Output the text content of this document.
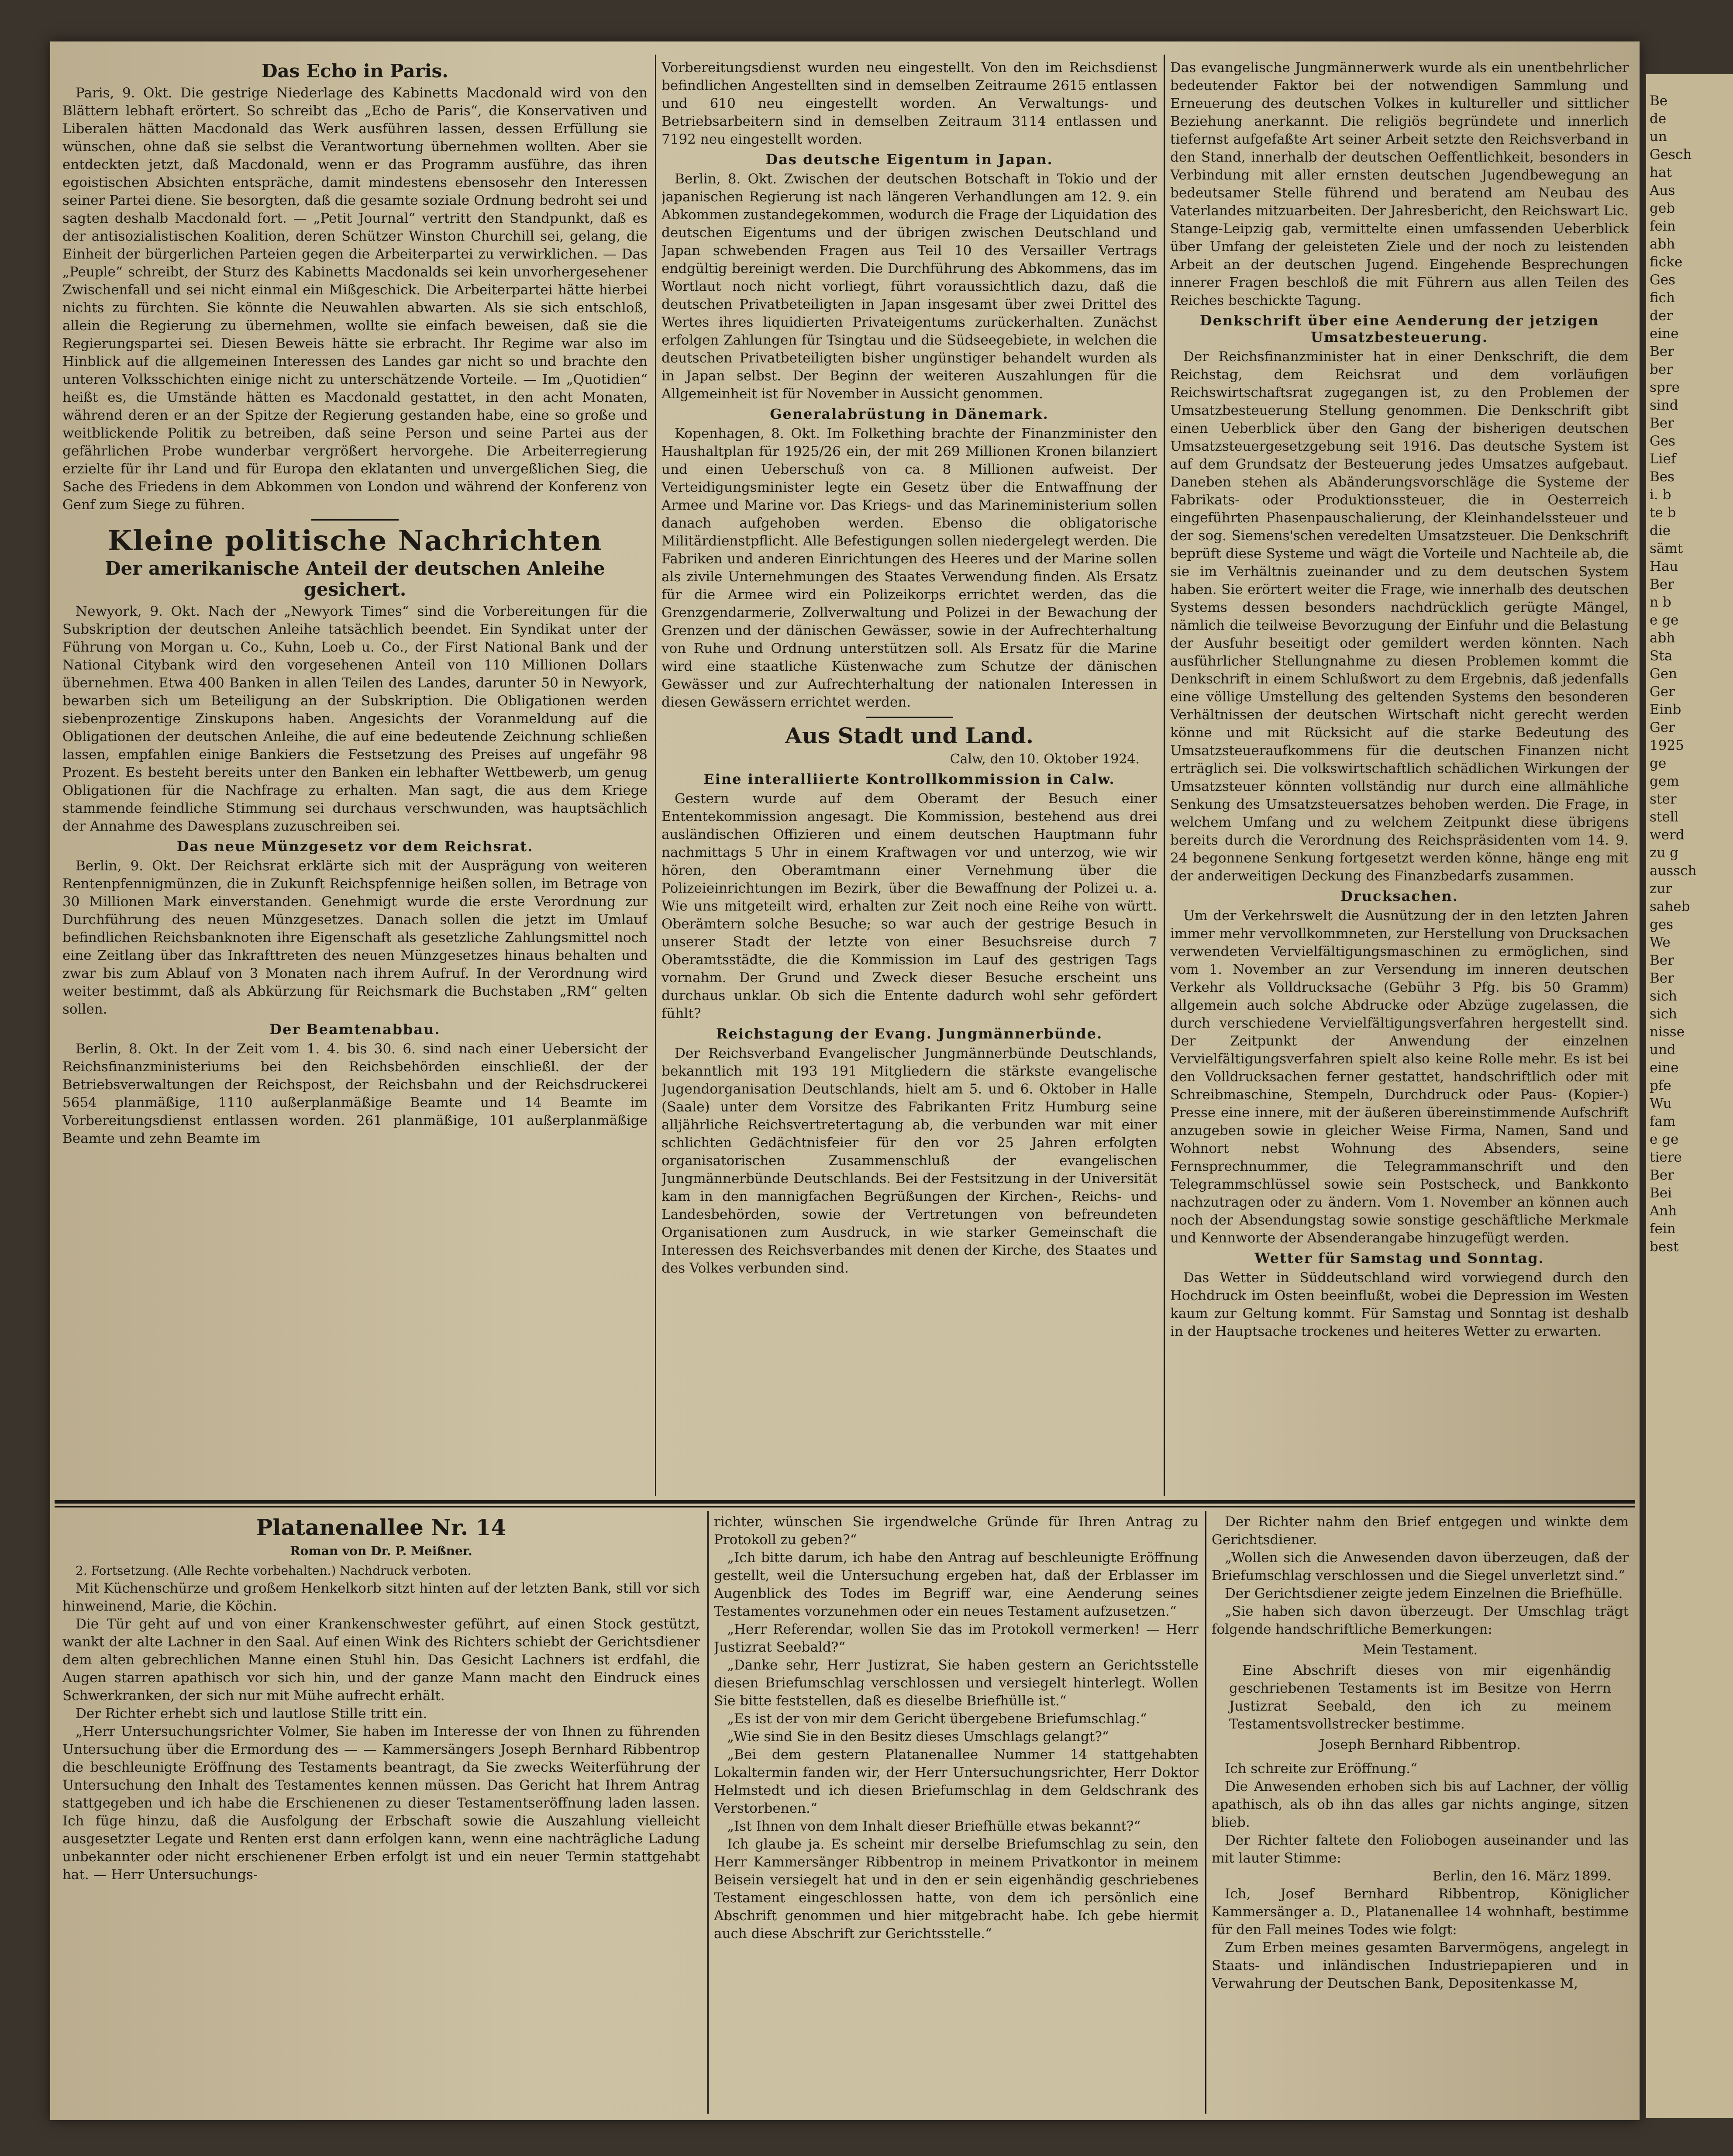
Das Echo in Paris.

Paris, 9. Okt. Die gestrige Niederlage des Kabinetts Macdonald wird von den Blättern lebhaft erörtert. So schreibt das „Echo de Paris“, die Konservativen und Liberalen hätten Macdonald das Werk ausführen lassen, dessen Erfüllung sie wünschen, ohne daß sie selbst die Verantwortung übernehmen wollten. Aber sie entdeckten jetzt, daß Macdonald, wenn er das Programm ausführe, das ihren egoistischen Absichten entspräche, damit mindestens ebensosehr den Interessen seiner Partei diene. Sie besorgten, daß die gesamte soziale Ordnung bedroht sei und sagten deshalb Macdonald fort. — „Petit Journal“ vertritt den Standpunkt, daß es der antisozialistischen Koalition, deren Schützer Winston Churchill sei, gelang, die Einheit der bürgerlichen Parteien gegen die Arbeiterpartei zu verwirklichen. — Das „Peuple“ schreibt, der Sturz des Kabinetts Macdonalds sei kein unvorhergesehener Zwischenfall und sei nicht einmal ein Mißgeschick. Die Arbeiterpartei hätte hierbei nichts zu fürchten. Sie könnte die Neuwahlen abwarten. Als sie sich entschloß, allein die Regierung zu übernehmen, wollte sie einfach beweisen, daß sie die Regierungspartei sei. Diesen Beweis hätte sie erbracht. Ihr Regime war also im Hinblick auf die allgemeinen Interessen des Landes gar nicht so und brachte den unteren Volksschichten einige nicht zu unterschätzende Vorteile. — Im „Quotidien“ heißt es, die Umstände hätten es Macdonald gestattet, in den acht Monaten, während deren er an der Spitze der Regierung gestanden habe, eine so große und weitblickende Politik zu betreiben, daß seine Person und seine Partei aus der gefährlichen Probe wunderbar vergrößert hervorgehe. Die Arbeiterregierung erzielte für ihr Land und für Europa den eklatanten und unvergeßlichen Sieg, die Sache des Friedens in dem Abkommen von London und während der Konferenz von Genf zum Siege zu führen.

Kleine politische Nachrichten
Der amerikanische Anteil der deutschen Anleihe gesichert.

Newyork, 9. Okt. Nach der „Newyork Times“ sind die Vorbereitungen für die Subskription der deutschen Anleihe tatsächlich beendet. Ein Syndikat unter der Führung von Morgan u. Co., Kuhn, Loeb u. Co., der First National Bank und der National Citybank wird den vorgesehenen Anteil von 110 Millionen Dollars übernehmen. Etwa 400 Banken in allen Teilen des Landes, darunter 50 in Newyork, bewarben sich um Beteiligung an der Subskription. Die Obligationen werden siebenprozentige Zinskupons haben. Angesichts der Voranmeldung auf die Obligationen der deutschen Anleihe, die auf eine bedeutende Zeichnung schließen lassen, empfahlen einige Bankiers die Festsetzung des Preises auf ungefähr 98 Prozent. Es besteht bereits unter den Banken ein lebhafter Wettbewerb, um genug Obligationen für die Nachfrage zu erhalten. Man sagt, die aus dem Kriege stammende feindliche Stimmung sei durchaus verschwunden, was hauptsächlich der Annahme des Dawesplans zuzuschreiben sei.

Das neue Münzgesetz vor dem Reichsrat.

Berlin, 9. Okt. Der Reichsrat erklärte sich mit der Ausprägung von weiteren Rentenpfennigmünzen, die in Zukunft Reichspfennige heißen sollen, im Betrage von 30 Millionen Mark einverstanden. Genehmigt wurde die erste Verordnung zur Durchführung des neuen Münzgesetzes. Danach sollen die jetzt im Umlauf befindlichen Reichsbanknoten ihre Eigenschaft als gesetzliche Zahlungsmittel noch eine Zeitlang über das Inkrafttreten des neuen Münzgesetzes hinaus behalten und zwar bis zum Ablauf von 3 Monaten nach ihrem Aufruf. In der Verordnung wird weiter bestimmt, daß als Abkürzung für Reichsmark die Buchstaben „RM“ gelten sollen.

Der Beamtenabbau.

Berlin, 8. Okt. In der Zeit vom 1. 4. bis 30. 6. sind nach einer Uebersicht der Reichsfinanzministeriums bei den Reichsbehörden einschließl. der der Betriebsverwaltungen der Reichspost, der Reichsbahn und der Reichsdruckerei 5654 planmäßige, 1110 außerplanmäßige Beamte und 14 Beamte im Vorbereitungsdienst entlassen worden. 261 planmäßige, 101 außerplanmäßige Beamte und zehn Beamte im

Vorbereitungsdienst wurden neu eingestellt. Von den im Reichsdienst befindlichen Angestellten sind in demselben Zeitraume 2615 entlassen und 610 neu eingestellt worden. An Verwaltungs- und Betriebsarbeitern sind in demselben Zeitraum 3114 entlassen und 7192 neu eingestellt worden.

Das deutsche Eigentum in Japan.

Berlin, 8. Okt. Zwischen der deutschen Botschaft in Tokio und der japanischen Regierung ist nach längeren Verhandlungen am 12. 9. ein Abkommen zustandegekommen, wodurch die Frage der Liquidation des deutschen Eigentums und der übrigen zwischen Deutschland und Japan schwebenden Fragen aus Teil 10 des Versailler Vertrags endgültig bereinigt werden. Die Durchführung des Abkommens, das im Wortlaut noch nicht vorliegt, führt voraussichtlich dazu, daß die deutschen Privatbeteiligten in Japan insgesamt über zwei Drittel des Wertes ihres liquidierten Privateigentums zurückerhalten. Zunächst erfolgen Zahlungen für Tsingtau und die Südseegebiete, in welchen die deutschen Privatbeteiligten bisher ungünstiger behandelt wurden als in Japan selbst. Der Beginn der weiteren Auszahlungen für die Allgemeinheit ist für November in Aussicht genommen.

Generalabrüstung in Dänemark.

Kopenhagen, 8. Okt. Im Folkething brachte der Finanzminister den Haushaltplan für 1925/26 ein, der mit 269 Millionen Kronen bilanziert und einen Ueberschuß von ca. 8 Millionen aufweist. Der Verteidigungsminister legte ein Gesetz über die Entwaffnung der Armee und Marine vor. Das Kriegs- und das Marineministerium sollen danach aufgehoben werden. Ebenso die obligatorische Militärdienstpflicht. Alle Befestigungen sollen niedergelegt werden. Die Fabriken und anderen Einrichtungen des Heeres und der Marine sollen als zivile Unternehmungen des Staates Verwendung finden. Als Ersatz für die Armee wird ein Polizeikorps errichtet werden, das die Grenzgendarmerie, Zollverwaltung und Polizei in der Bewachung der Grenzen und der dänischen Gewässer, sowie in der Aufrechterhaltung von Ruhe und Ordnung unterstützen soll. Als Ersatz für die Marine wird eine staatliche Küstenwache zum Schutze der dänischen Gewässer und zur Aufrechterhaltung der nationalen Interessen in diesen Gewässern errichtet werden.

Aus Stadt und Land.
Calw, den 10. Oktober 1924.
Eine interalliierte Kontrollkommission in Calw.

Gestern wurde auf dem Oberamt der Besuch einer Ententekommission angesagt. Die Kommission, bestehend aus drei ausländischen Offizieren und einem deutschen Hauptmann fuhr nachmittags 5 Uhr in einem Kraftwagen vor und unterzog, wie wir hören, den Oberamtmann einer Vernehmung über die Polizeieinrichtungen im Bezirk, über die Bewaffnung der Polizei u. a. Wie uns mitgeteilt wird, erhalten zur Zeit noch eine Reihe von württ. Oberämtern solche Besuche; so war auch der gestrige Besuch in unserer Stadt der letzte von einer Besuchsreise durch 7 Oberamtsstädte, die die Kommission im Lauf des gestrigen Tags vornahm. Der Grund und Zweck dieser Besuche erscheint uns durchaus unklar. Ob sich die Entente dadurch wohl sehr gefördert fühlt?

Reichstagung der Evang. Jungmännerbünde.

Der Reichsverband Evangelischer Jungmännerbünde Deutschlands, bekanntlich mit 193 191 Mitgliedern die stärkste evangelische Jugendorganisation Deutschlands, hielt am 5. und 6. Oktober in Halle (Saale) unter dem Vorsitze des Fabrikanten Fritz Humburg seine alljährliche Reichsvertretertagung ab, die verbunden war mit einer schlichten Gedächtnisfeier für den vor 25 Jahren erfolgten organisatorischen Zusammenschluß der evangelischen Jungmännerbünde Deutschlands. Bei der Festsitzung in der Universität kam in den mannigfachen Begrüßungen der Kirchen-, Reichs- und Landesbehörden, sowie der Vertretungen von befreundeten Organisationen zum Ausdruck, in wie starker Gemeinschaft die Interessen des Reichsverbandes mit denen der Kirche, des Staates und des Volkes verbunden sind.

Das evangelische Jungmännerwerk wurde als ein unentbehrlicher bedeutender Faktor bei der notwendigen Sammlung und Erneuerung des deutschen Volkes in kultureller und sittlicher Beziehung anerkannt. Die religiös begründete und innerlich tiefernst aufgefaßte Art seiner Arbeit setzte den Reichsverband in den Stand, innerhalb der deutschen Oeffentlichkeit, besonders in Verbindung mit aller ernsten deutschen Jugendbewegung an bedeutsamer Stelle führend und beratend am Neubau des Vaterlandes mitzuarbeiten. Der Jahresbericht, den Reichswart Lic. Stange-Leipzig gab, vermittelte einen umfassenden Ueberblick über Umfang der geleisteten Ziele und der noch zu leistenden Arbeit an der deutschen Jugend. Eingehende Besprechungen innerer Fragen beschloß die mit Führern aus allen Teilen des Reiches beschickte Tagung.

Denkschrift über eine Aenderung der jetzigen Umsatzbesteuerung.

Der Reichsfinanzminister hat in einer Denkschrift, die dem Reichstag, dem Reichsrat und dem vorläufigen Reichswirtschaftsrat zugegangen ist, zu den Problemen der Umsatzbesteuerung Stellung genommen. Die Denkschrift gibt einen Ueberblick über den Gang der bisherigen deutschen Umsatzsteuergesetzgebung seit 1916. Das deutsche System ist auf dem Grundsatz der Besteuerung jedes Umsatzes aufgebaut. Daneben stehen als Abänderungsvorschläge die Systeme der Fabrikats- oder Produktionssteuer, die in Oesterreich eingeführten Phasenpauschalierung, der Kleinhandelssteuer und der sog. Siemens'schen veredelten Umsatzsteuer. Die Denkschrift beprüft diese Systeme und wägt die Vorteile und Nachteile ab, die sie im Verhältnis zueinander und zu dem deutschen System haben. Sie erörtert weiter die Frage, wie innerhalb des deutschen Systems dessen besonders nachdrücklich gerügte Mängel, nämlich die teilweise Bevorzugung der Einfuhr und die Belastung der Ausfuhr beseitigt oder gemildert werden könnten. Nach ausführlicher Stellungnahme zu diesen Problemen kommt die Denkschrift in einem Schlußwort zu dem Ergebnis, daß jedenfalls eine völlige Umstellung des geltenden Systems den besonderen Verhältnissen der deutschen Wirtschaft nicht gerecht werden könne und mit Rücksicht auf die starke Bedeutung des Umsatzsteueraufkommens für die deutschen Finanzen nicht erträglich sei. Die volkswirtschaftlich schädlichen Wirkungen der Umsatzsteuer könnten vollständig nur durch eine allmähliche Senkung des Umsatzsteuersatzes behoben werden. Die Frage, in welchem Umfang und zu welchem Zeitpunkt diese übrigens bereits durch die Verordnung des Reichspräsidenten vom 14. 9. 24 begonnene Senkung fortgesetzt werden könne, hänge eng mit der anderweitigen Deckung des Finanzbedarfs zusammen.

Drucksachen.

Um der Verkehrswelt die Ausnützung der in den letzten Jahren immer mehr vervollkommneten, zur Herstellung von Drucksachen verwendeten Vervielfältigungsmaschinen zu ermöglichen, sind vom 1. November an zur Versendung im inneren deutschen Verkehr als Volldrucksache (Gebühr 3 Pfg. bis 50 Gramm) allgemein auch solche Abdrucke oder Abzüge zugelassen, die durch verschiedene Vervielfältigungsverfahren hergestellt sind. Der Zeitpunkt der Anwendung der einzelnen Vervielfältigungsverfahren spielt also keine Rolle mehr. Es ist bei den Volldrucksachen ferner gestattet, handschriftlich oder mit Schreibmaschine, Stempeln, Durchdruck oder Paus- (Kopier-) Presse eine innere, mit der äußeren übereinstimmende Aufschrift anzugeben sowie in gleicher Weise Firma, Namen, Sand und Wohnort nebst Wohnung des Absenders, seine Fernsprechnummer, die Telegrammanschrift und den Telegrammschlüssel sowie sein Postscheck, und Bankkonto nachzutragen oder zu ändern. Vom 1. November an können auch noch der Absendungstag sowie sonstige geschäftliche Merkmale und Kennworte der Absenderangabe hinzugefügt werden.

Wetter für Samstag und Sonntag.

Das Wetter in Süddeutschland wird vorwiegend durch den Hochdruck im Osten beeinflußt, wobei die Depression im Westen kaum zur Geltung kommt. Für Samstag und Sonntag ist deshalb in der Hauptsache trockenes und heiteres Wetter zu erwarten.

Platanenallee Nr. 14
Roman von Dr. P. Meißner.
2. Fortsetzung. (Alle Rechte vorbehalten.) Nachdruck verboten.

Mit Küchenschürze und großem Henkelkorb sitzt hinten auf der letzten Bank, still vor sich hinweinend, Marie, die Köchin.

Die Tür geht auf und von einer Krankenschwester geführt, auf einen Stock gestützt, wankt der alte Lachner in den Saal. Auf einen Wink des Richters schiebt der Gerichtsdiener dem alten gebrechlichen Manne einen Stuhl hin. Das Gesicht Lachners ist erdfahl, die Augen starren apathisch vor sich hin, und der ganze Mann macht den Eindruck eines Schwerkranken, der sich nur mit Mühe aufrecht erhält.

Der Richter erhebt sich und lautlose Stille tritt ein.

„Herr Untersuchungsrichter Volmer, Sie haben im Interesse der von Ihnen zu führenden Untersuchung über die Ermordung des — — Kammersängers Joseph Bernhard Ribbentrop die beschleunigte Eröffnung des Testaments beantragt, da Sie zwecks Weiterführung der Untersuchung den Inhalt des Testamentes kennen müssen. Das Gericht hat Ihrem Antrag stattgegeben und ich habe die Erschienenen zu dieser Testamentseröffnung laden lassen. Ich füge hinzu, daß die Ausfolgung der Erbschaft sowie die Auszahlung vielleicht ausgesetzter Legate und Renten erst dann erfolgen kann, wenn eine nachträgliche Ladung unbekannter oder nicht erschienener Erben erfolgt ist und ein neuer Termin stattgehabt hat. — Herr Untersuchungs-

richter, wünschen Sie irgendwelche Gründe für Ihren Antrag zu Protokoll zu geben?“

„Ich bitte darum, ich habe den Antrag auf beschleunigte Eröffnung gestellt, weil die Untersuchung ergeben hat, daß der Erblasser im Augenblick des Todes im Begriff war, eine Aenderung seines Testamentes vorzunehmen oder ein neues Testament aufzusetzen.“

„Herr Referendar, wollen Sie das im Protokoll vermerken! — Herr Justizrat Seebald?“

„Danke sehr, Herr Justizrat, Sie haben gestern an Gerichtsstelle diesen Briefumschlag verschlossen und versiegelt hinterlegt. Wollen Sie bitte feststellen, daß es dieselbe Briefhülle ist.“

„Es ist der von mir dem Gericht übergebene Briefumschlag.“

„Wie sind Sie in den Besitz dieses Umschlags gelangt?“

„Bei dem gestern Platanenallee Nummer 14 stattgehabten Lokaltermin fanden wir, der Herr Untersuchungsrichter, Herr Doktor Helmstedt und ich diesen Briefumschlag in dem Geldschrank des Verstorbenen.“

„Ist Ihnen von dem Inhalt dieser Briefhülle etwas bekannt?“

Ich glaube ja. Es scheint mir derselbe Briefumschlag zu sein, den Herr Kammersänger Ribbentrop in meinem Privatkontor in meinem Beisein versiegelt hat und in den er sein eigenhändig geschriebenes Testament eingeschlossen hatte, von dem ich persönlich eine Abschrift genommen und hier mitgebracht habe. Ich gebe hiermit auch diese Abschrift zur Gerichtsstelle.“

Der Richter nahm den Brief entgegen und winkte dem Gerichtsdiener.

„Wollen sich die Anwesenden davon überzeugen, daß der Briefumschlag verschlossen und die Siegel unverletzt sind.“

Der Gerichtsdiener zeigte jedem Einzelnen die Briefhülle.

„Sie haben sich davon überzeugt. Der Umschlag trägt folgende handschriftliche Bemerkungen:

Mein Testament.

Eine Abschrift dieses von mir eigenhändig geschriebenen Testaments ist im Besitze von Herrn Justizrat Seebald, den ich zu meinem Testamentsvollstrecker bestimme.

Joseph Bernhard Ribbentrop.

Ich schreite zur Eröffnung.“

Die Anwesenden erhoben sich bis auf Lachner, der völlig apathisch, als ob ihn das alles gar nichts anginge, sitzen blieb.

Der Richter faltete den Foliobogen auseinander und las mit lauter Stimme:

Berlin, den 16. März 1899.

Ich, Josef Bernhard Ribbentrop, Königlicher Kammersänger a. D., Platanenallee 14 wohnhaft, bestimme für den Fall meines Todes wie folgt:

Zum Erben meines gesamten Barvermögens, angelegt in Staats- und inländischen Industriepapieren und in Verwahrung der Deutschen Bank, Depositenkasse M,

Be
de
un
Gesch
hat
Aus
geb
fein
abh
ficke
Ges
fich
der
eine
Ber
ber
spre
sind
Ber
Ges
Lief
Bes
i. b
te b
die
sämt
Hau
Ber
n b
e ge
abh
Sta
Gen
Ger
Einb
Ger
1925
ge
gem
ster
stell
werd
zu g
aussch
zur
saheb
ges
We
Ber
Ber
sich
sich
nisse
und
eine
pfe
Wu
fam
e ge
tiere
Ber
Bei
Anh
fein
best
